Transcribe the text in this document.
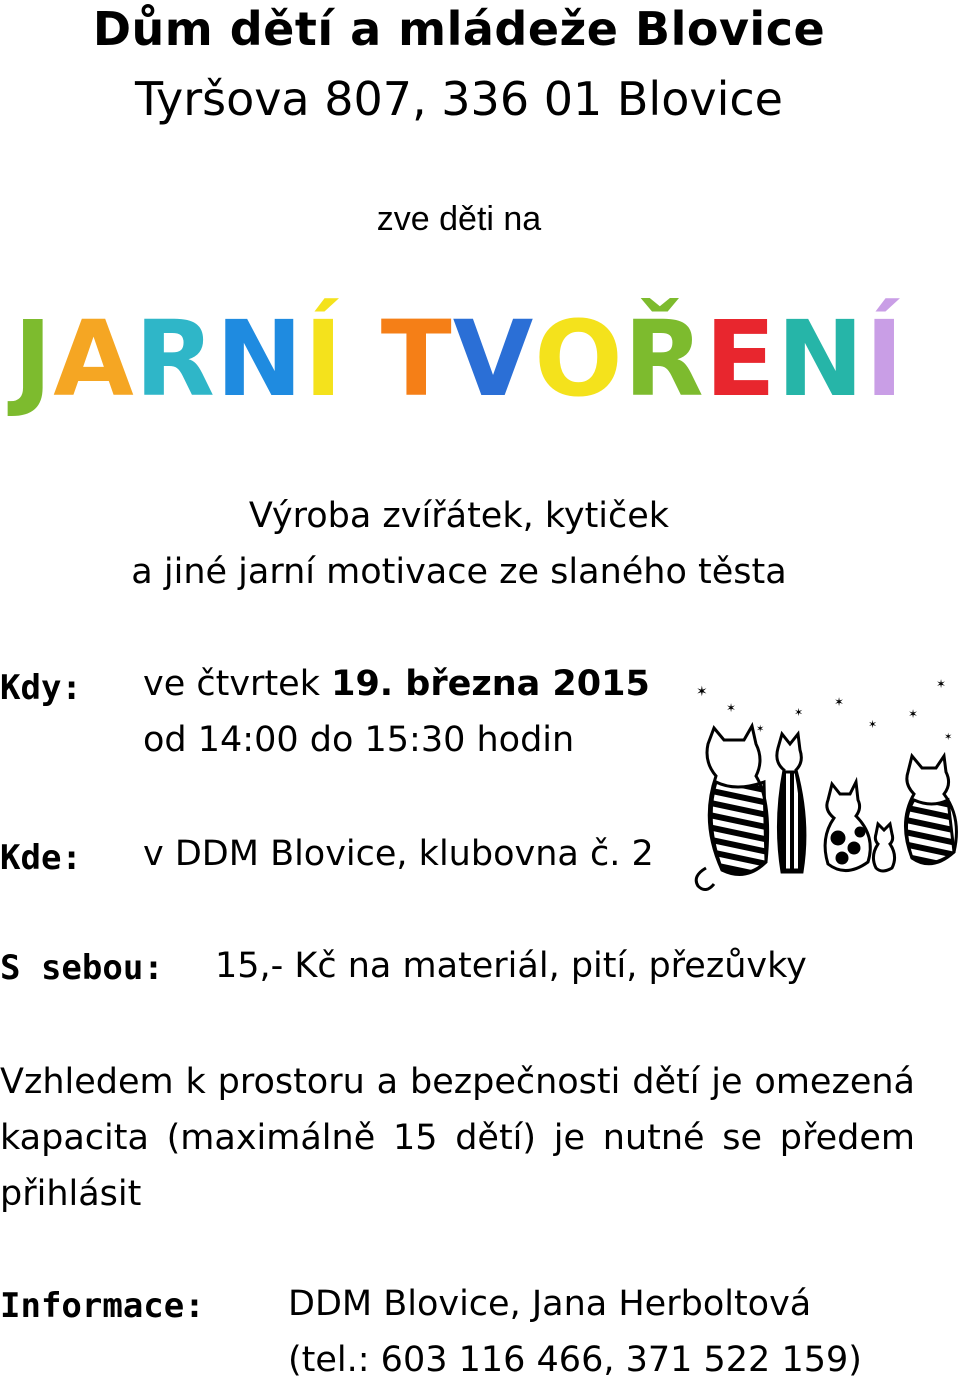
Dům dětí a mládeže Blovice
Tyršova 807, 336 01 Blovice
zve děti na
JARNÍ TVOŘENÍ
Výroba zvířátek, kytiček
a jiné jarní motivace ze slaného těsta
Kdy: ve čtvrtek 19. března 2015
od 14:00 do 15:30 hodin
Kde: v DDM Blovice, klubovna č. 2
S sebou: 15,- Kč na materiál, pití, přezůvky

Vzhledem k prostoru a bezpečnosti dětí je omezená kapacita (maximálně 15 dětí) je nutné se předem přihlásit

Informace: DDM Blovice, Jana Herboltová
(tel.: 603 116 466, 371 522 159)
✶
✶
✶
✶
✶
✶
✶
✶
✶
